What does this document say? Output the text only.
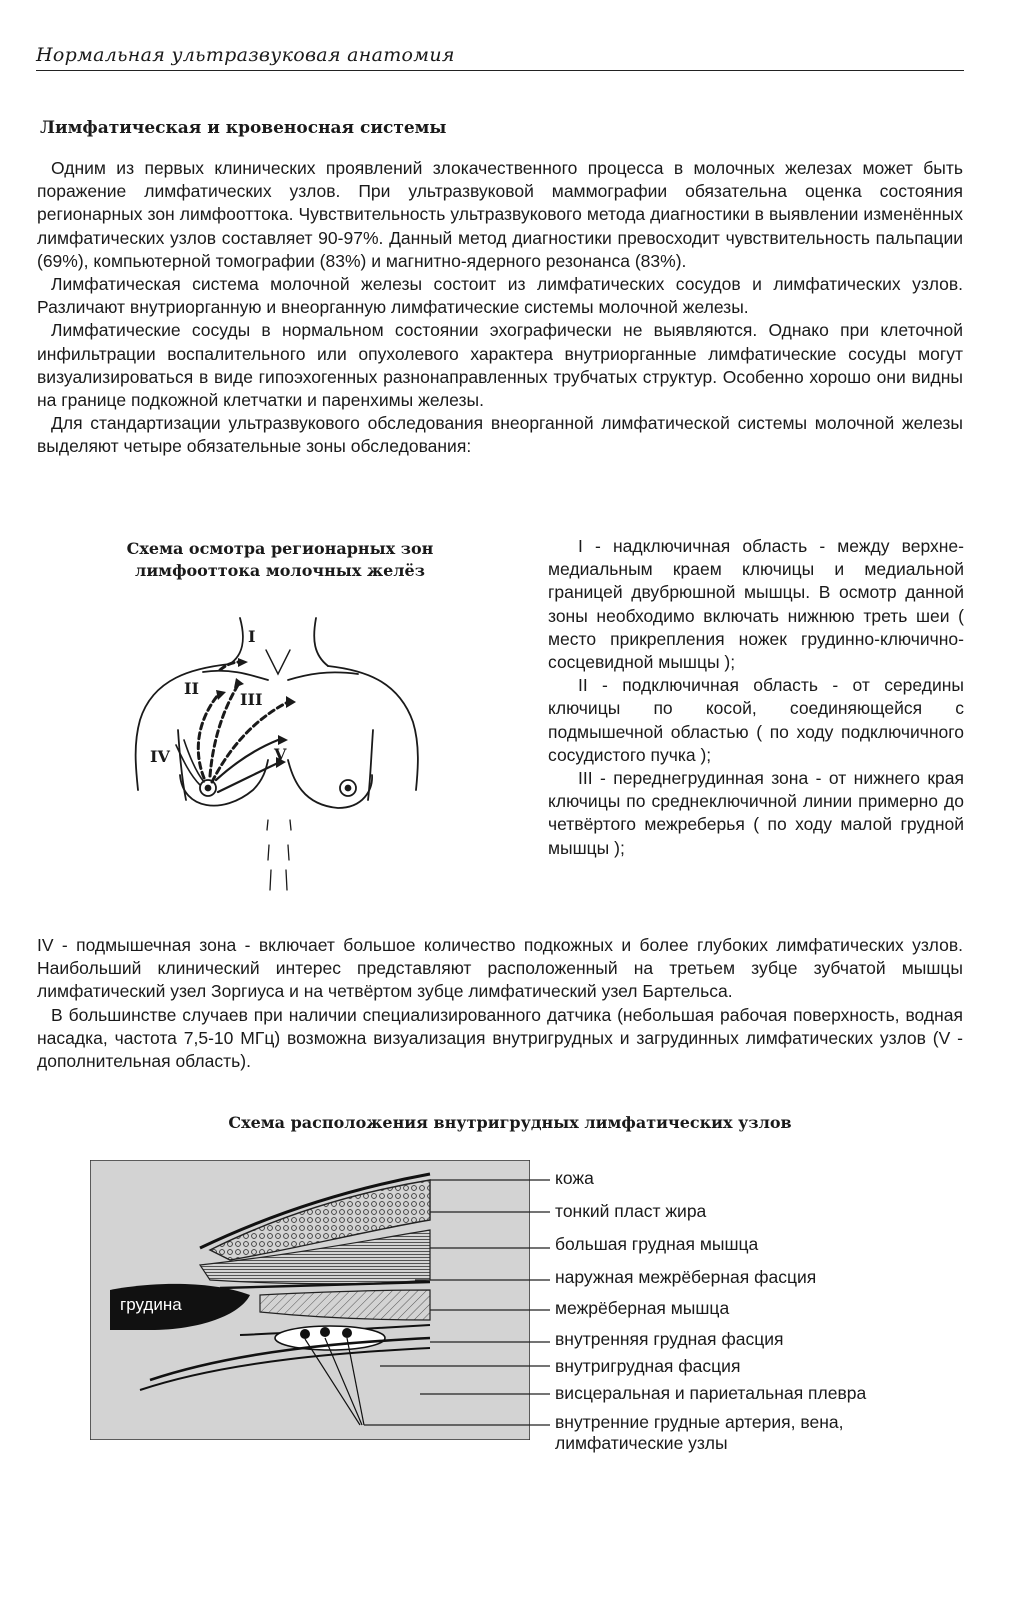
Нормальная ультразвуковая анатомия
Лимфатическая и кровеносная системы

Одним из первых клинических проявлений злокачественного процесса в молочных железах может быть поражение лимфатических узлов. При ультразвуковой маммографии обязательна оценка состояния регионарных зон лимфооттока. Чувствительность ультразвукового метода диагностики в выявлении изменённых лимфатических узлов составляет 90-97%. Данный метод диагностики превосходит чувствительность пальпации (69%), компьютерной томографии (83%) и магнитно-ядерного резонанса (83%).

Лимфатическая система молочной железы состоит из лимфатических сосудов и лимфатических узлов. Различают внутриорганную и внеорганную лимфатические системы молочной железы.

Лимфатические сосуды в нормальном состоянии эхографически не выявляются. Однако при клеточной инфильтрации воспалительного или опухолевого характера внутриорганные лимфатические сосуды могут визуализироваться в виде гипоэхогенных разнонаправленных трубчатых структур. Особенно хорошо они видны на границе подкожной клетчатки и паренхимы железы.

Для стандартизации ультразвукового обследования внеорганной лимфатической системы молочной железы выделяют четыре обязательные зоны обследования:

Схема осмотра регионарных зон
лимфооттока молочных желёз
I
II
III
IV	V

I - надключичная область - между верхне-медиальным краем ключицы и медиальной границей двубрюшной мышцы. В осмотр данной зоны необходимо включать нижнюю треть шеи ( место прикрепления ножек грудинно-ключично-сосцевидной мышцы );

II - подключичная область - от середины ключицы по косой, соединяющейся с подмышечной областью ( по ходу подключичного сосудистого пучка );

III - переднегрудинная зона - от нижнего края ключицы по среднеключичной линии примерно до четвёртого межреберья ( по ходу малой грудной мышцы );

IV - подмышечная зона - включает большое количество подкожных и более глубоких лимфатических узлов. Наибольший клинический интерес представляют расположенный на третьем зубце зубчатой мышцы лимфатический узел Зоргиуса и на четвёртом зубце лимфатический узел Бартельса.

В большинстве случаев при наличии специализированного датчика (небольшая рабочая поверхность, водная насадка, частота 7,5-10 МГц) возможна визуализация внутригрудных и загрудинных лимфатических узлов (V - дополнительная область).

Схема расположения внутригрудных лимфатических узлов
грудина

кожа

тонкий пласт жира

большая грудная мышца

наружная межрёберная фасция

межрёберная мышца

внутренняя грудная фасция

внутригрудная фасция

висцеральная и париетальная плевра

внутренние грудные артерия, вена,

лимфатические узлы
